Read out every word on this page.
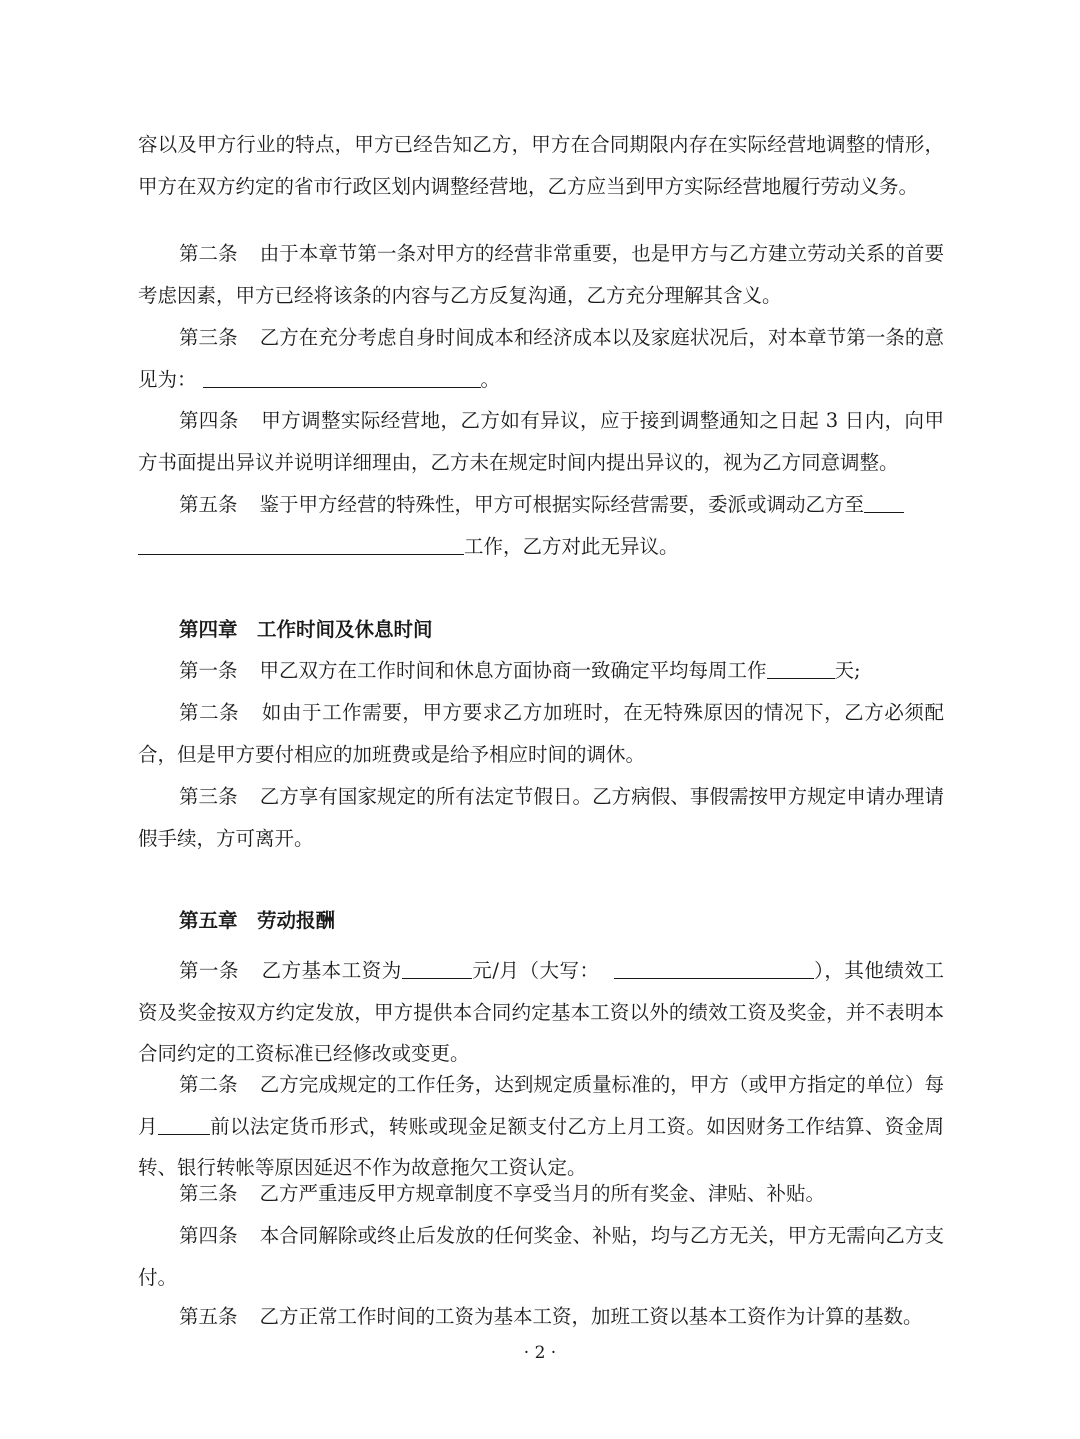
容以及甲方行业的特点，甲方已经告知乙方，甲方在合同期限内存在实际经营地调整的情形，甲方在双方约定的省市行政区划内调整经营地，乙方应当到甲方实际经营地履行劳动义务。

第二条 由于本章节第一条对甲方的经营非常重要，也是甲方与乙方建立劳动关系的首要考虑因素，甲方已经将该条的内容与乙方反复沟通，乙方充分理解其含义。

第三条 乙方在充分考虑自身时间成本和经济成本以及家庭状况后，对本章节第一条的意见为：	。

第四条 甲方调整实际经营地，乙方如有异议，应于接到调整通知之日起 3 日内，向甲方书面提出异议并说明详细理由，乙方未在规定时间内提出异议的，视为乙方同意调整。

第五条 鉴于甲方经营的特殊性，甲方可根据实际经营需要，委派或调动乙方至
工作，乙方对此无异议。

第四章　工作时间及休息时间

第一条 甲乙双方在工作时间和休息方面协商一致确定平均每周工作	天;

第二条 如由于工作需要，甲方要求乙方加班时，在无特殊原因的情况下，乙方必须配合，但是甲方要付相应的加班费或是给予相应时间的调休。

第三条 乙方享有国家规定的所有法定节假日。乙方病假、事假需按甲方规定申请办理请假手续，方可离开。

第五章　劳动报酬

第一条 乙方基本工资为	元/月（大写：	），其他绩效工资及奖金按双方约定发放，甲方提供本合同约定基本工资以外的绩效工资及奖金，并不表明本合同约定的工资标准已经修改或变更。

第二条 乙方完成规定的工作任务，达到规定质量标准的，甲方（或甲方指定的单位）每月	前以法定货币形式，转账或现金足额支付乙方上月工资。如因财务工作结算、资金周转、银行转帐等原因延迟不作为故意拖欠工资认定。

第三条 乙方严重违反甲方规章制度不享受当月的所有奖金、津贴、补贴。

第四条 本合同解除或终止后发放的任何奖金、补贴，均与乙方无关，甲方无需向乙方支付。

第五条 乙方正常工作时间的工资为基本工资，加班工资以基本工资作为计算的基数。

· 2 ·
